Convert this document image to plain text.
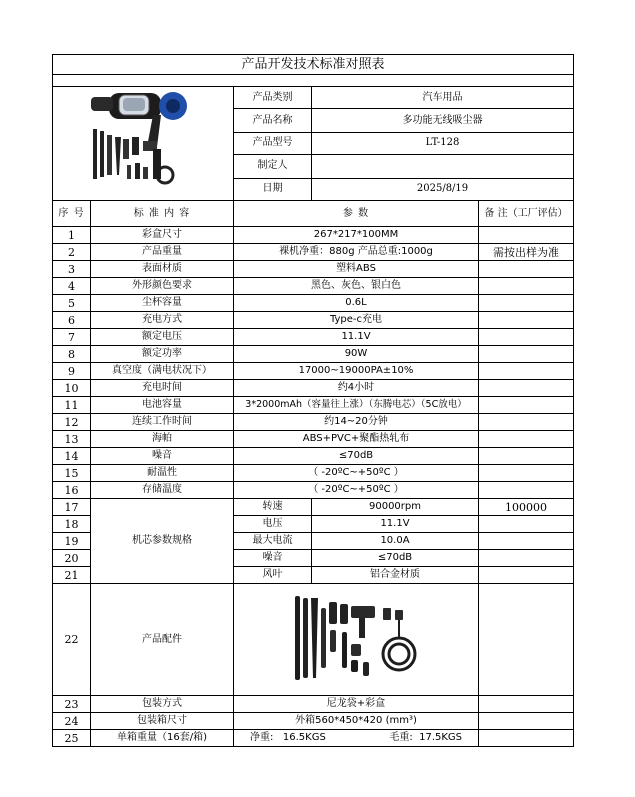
产品开发技术标准对照表				

	产品类别	汽车用品	
		产品名称	多功能无线吸尘器	
		产品型号	LT-128	
		制定人		
		日期	2025/8/19	
序 号	标 准 内 容	参 数		备 注（工厂评估）
1	彩盒尺寸	267*217*100MM		
2	产品重量	裸机净重：880g 产品总重:1000g		需按出样为准
3	表面材质	塑料ABS		
4	外形颜色要求	黑色、灰色、银白色		
5	尘杯容量	0.6L		
6	充电方式	Type-c充电		
7	额定电压	11.1V		
8	额定功率	90W		
9	真空度（满电状况下）	17000~19000PA±10%		
10	充电时间	约4小时		
11	电池容量	3*2000mAh（容量往上涨）（东腾电芯）（5C放电）		
12	连续工作时间	约14~20分钟		
13	海帕	ABS+PVC+聚酯热轧布		
14	噪音	≤70dB		
15	耐温性	（ -20ºC~+50ºC ）		
16	存储温度	（ -20ºC~+50ºC ）		
17	机芯参数规格	转速	90000rpm	100000
18		电压	11.1V	
19		最大电流	10.0A	
20		噪音	≤70dB	
21		风叶	铝合金材质	
22	产品配件		
23	包装方式	尼龙袋+彩盒		
24	包装箱尺寸	外箱560*450*420 (mm³)		
25	单箱重量（16套/箱)	净重:   16.5KGS                    毛重:  17.5KGS		
